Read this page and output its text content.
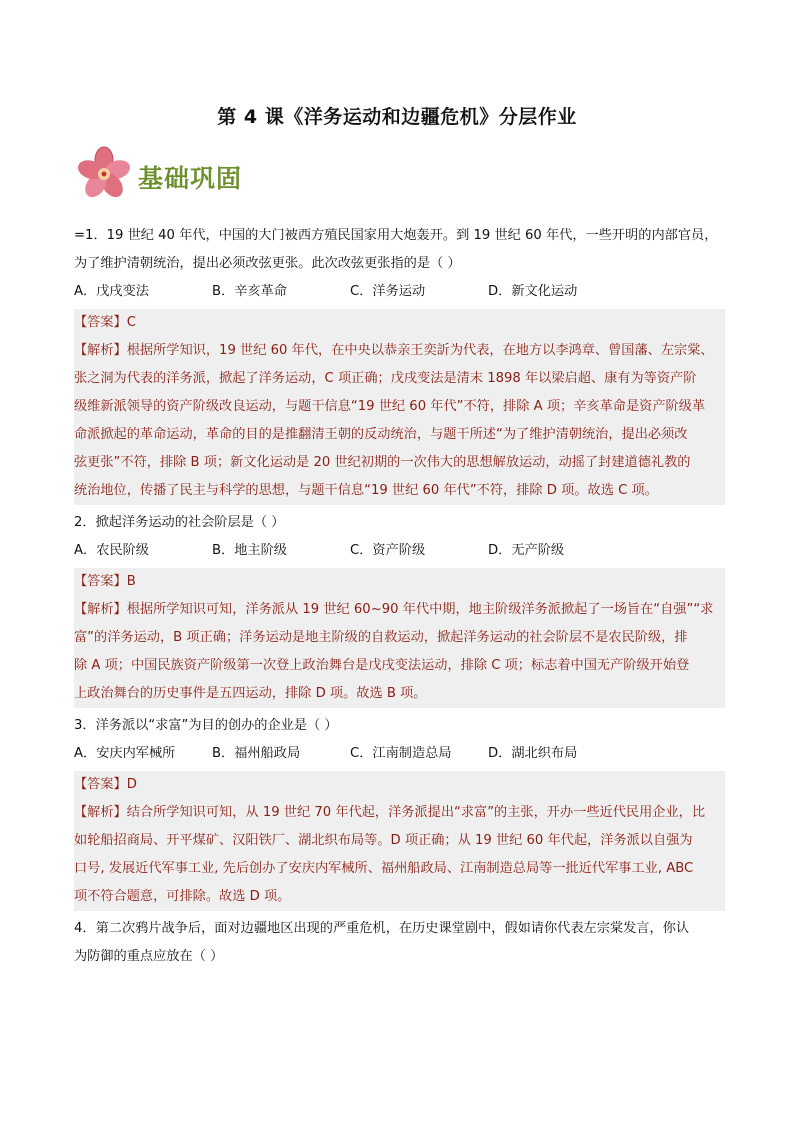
第 4 课《洋务运动和边疆危机》分层作业
基础巩固
=1．19 世纪 40 年代，中国的大门被西方殖民国家用大炮轰开。到 19 世纪 60 年代，一些开明的内部官员，
为了维护清朝统治，提出必须改弦更张。此次改弦更张指的是（ ）
A．戊戌变法	B．辛亥革命	C．洋务运动	D．新文化运动
【答案】C
【解析】根据所学知识，19 世纪 60 年代，在中央以恭亲王奕訢为代表，在地方以李鸿章、曾国藩、左宗棠、
张之洞为代表的洋务派，掀起了洋务运动，C 项正确；戊戌变法是清末 1898 年以梁启超、康有为等资产阶
级维新派领导的资产阶级改良运动，与题干信息“19 世纪 60 年代”不符，排除 A 项；辛亥革命是资产阶级革
命派掀起的革命运动，革命的目的是推翻清王朝的反动统治，与题干所述“为了维护清朝统治，提出必须改
弦更张”不符，排除 B 项；新文化运动是 20 世纪初期的一次伟大的思想解放运动，动摇了封建道德礼教的
统治地位，传播了民主与科学的思想，与题干信息“19 世纪 60 年代”不符，排除 D 项。故选 C 项。
2．掀起洋务运动的社会阶层是（ ）
A．农民阶级	B．地主阶级	C．资产阶级	D．无产阶级
【答案】B
【解析】根据所学知识可知，洋务派从 19 世纪 60~90 年代中期，地主阶级洋务派掀起了一场旨在“自强”“求
富”的洋务运动，B 项正确；洋务运动是地主阶级的自救运动，掀起洋务运动的社会阶层不是农民阶级，排
除 A 项；中国民族资产阶级第一次登上政治舞台是戊戌变法运动，排除 C 项；标志着中国无产阶级开始登
上政治舞台的历史事件是五四运动，排除 D 项。故选 B 项。
3．洋务派以“求富”为目的创办的企业是（ ）
A．安庆内军械所	B．福州船政局	C．江南制造总局	D．湖北织布局
【答案】D
【解析】结合所学知识可知，从 19 世纪 70 年代起，洋务派提出“求富”的主张，开办一些近代民用企业，比
如轮船招商局、开平煤矿、汉阳铁厂、湖北织布局等。D 项正确；从 19 世纪 60 年代起，洋务派以自强为
口号, 发展近代军事工业, 先后创办了安庆内军械所、福州船政局、江南制造总局等一批近代军事工业, ABC
项不符合题意，可排除。故选 D 项。
4．第二次鸦片战争后，面对边疆地区出现的严重危机，在历史课堂剧中，假如请你代表左宗棠发言，你认
为防御的重点应放在（ ）
